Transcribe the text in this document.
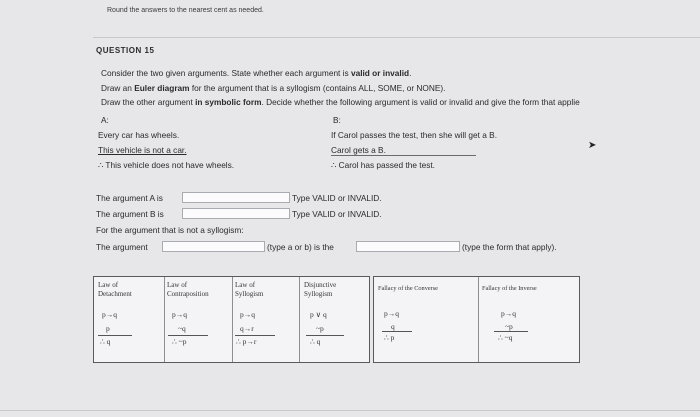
Round the answers to the nearest cent as needed.
QUESTION 15
Consider the two given arguments. State whether each argument is valid or invalid.
Draw an Euler diagram for the argument that is a syllogism (contains ALL, SOME, or NONE).
Draw the other argument in symbolic form. Decide whether the following argument is valid or invalid and give the form that applie
A:
Every car has wheels.
This vehicle is not a car.
∴ This vehicle does not have wheels.
B:
If Carol passes the test, then she will get a B.
Carol gets a B.
∴ Carol has passed the test.
➤
The argument A is	Type VALID or INVALID.
The argument B is	Type VALID or INVALID.
For the argument that is not a syllogism:
The argument	(type a or b) is the	(type the form that apply).
Law of
Detachment
Law of
Contraposition
Law of
Syllogism
Disjunctive
Syllogism
p→q
p
∴ q
p→q
~q
∴ ~p
p→q
q→r
∴ p→r
p ∨ q
~p
∴ q
Fallacy of the Converse	Fallacy of the Inverse
p→q
q
∴ p
p→q
~p
∴ ~q
